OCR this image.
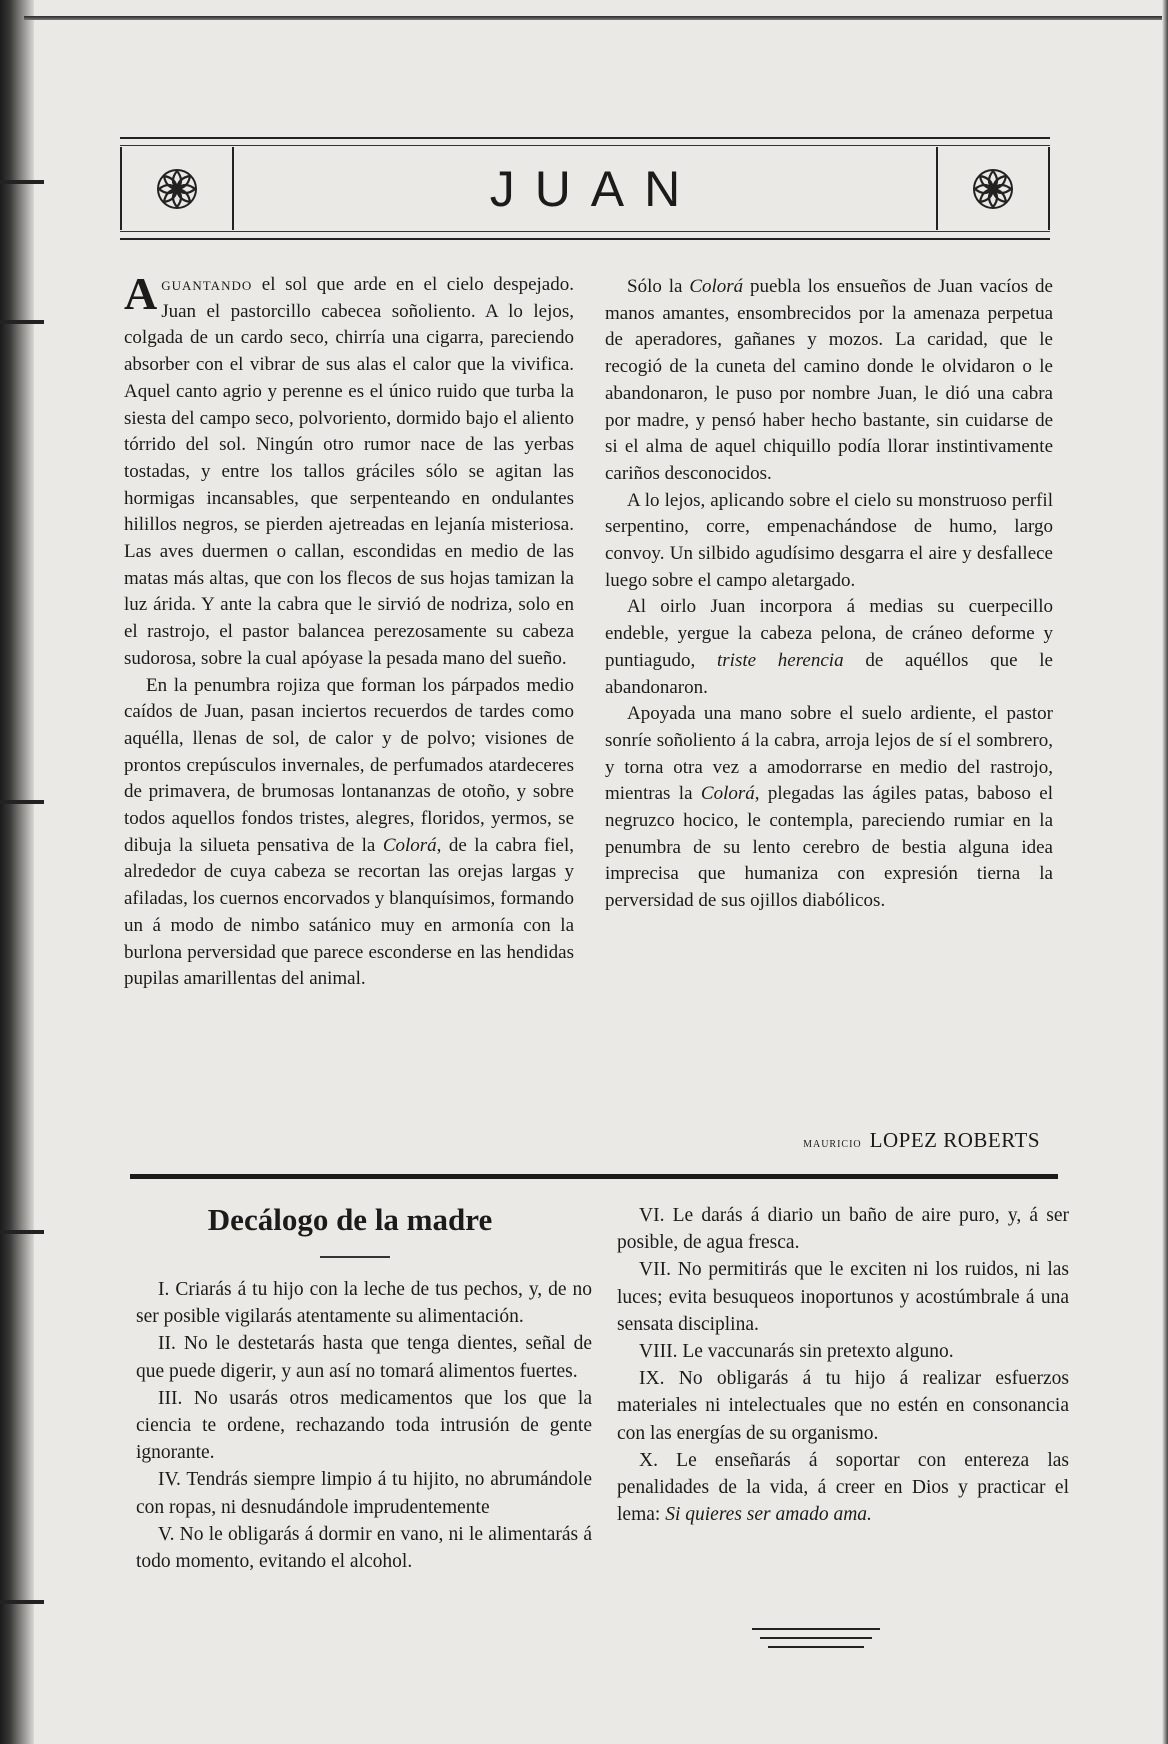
JUAN

Aguantando el sol que arde en el cielo despejado. Juan el pastorcillo cabecea soñoliento. A lo lejos, colgada de un cardo seco, chirría una cigarra, pareciendo absorber con el vibrar de sus alas el calor que la vivifica. Aquel canto agrio y perenne es el único ruido que turba la siesta del campo seco, polvoriento, dormido bajo el aliento tórrido del sol. Ningún otro rumor nace de las yerbas tostadas, y entre los tallos gráciles sólo se agitan las hormigas incansables, que serpenteando en ondulantes hilillos negros, se pierden ajetreadas en lejanía misteriosa. Las aves duermen o callan, escondidas en medio de las matas más altas, que con los flecos de sus hojas tamizan la luz árida. Y ante la cabra que le sirvió de nodriza, solo en el rastrojo, el pastor balancea perezosamente su cabeza sudorosa, sobre la cual apóyase la pesada mano del sueño.

En la penumbra rojiza que forman los párpados medio caídos de Juan, pasan inciertos recuerdos de tardes como aquélla, llenas de sol, de calor y de polvo; visiones de prontos crepúsculos invernales, de perfumados atardeceres de primavera, de brumosas lontananzas de otoño, y sobre todos aquellos fondos tristes, alegres, floridos, yermos, se dibuja la silueta pensativa de la Colorá, de la cabra fiel, alrededor de cuya cabeza se recortan las orejas largas y afiladas, los cuernos encorvados y blanquísimos, formando un á modo de nimbo satánico muy en armonía con la burlona perversidad que parece esconderse en las hendidas pupilas amarillentas del animal.

Sólo la Colorá puebla los ensueños de Juan vacíos de manos amantes, ensombrecidos por la amenaza perpetua de aperadores, gañanes y mozos. La caridad, que le recogió de la cuneta del camino donde le olvidaron o le abandonaron, le puso por nombre Juan, le dió una cabra por madre, y pensó haber hecho bastante, sin cuidarse de si el alma de aquel chiquillo podía llorar instintivamente cariños desconocidos.

A lo lejos, aplicando sobre el cielo su monstruoso perfil serpentino, corre, empenachándose de humo, largo convoy. Un silbido agudísimo desgarra el aire y desfallece luego sobre el campo aletargado.

Al oirlo Juan incorpora á medias su cuerpecillo endeble, yergue la cabeza pelona, de cráneo deforme y puntiagudo, triste herencia de aquéllos que le abandonaron.

Apoyada una mano sobre el suelo ardiente, el pastor sonríe soñoliento á la cabra, arroja lejos de sí el sombrero, y torna otra vez a amodorrarse en medio del rastrojo, mientras la Colorá, plegadas las ágiles patas, baboso el negruzco hocico, le contempla, pareciendo rumiar en la penumbra de su lento cerebro de bestia alguna idea imprecisa que humaniza con expresión tierna la perversidad de sus ojillos diabólicos.

mauricio LOPEZ ROBERTS
Decálogo de la madre

I. Criarás á tu hijo con la leche de tus pechos, y, de no ser posible vigilarás atentamente su alimentación.

II. No le destetarás hasta que tenga dientes, señal de que puede digerir, y aun así no tomará alimentos fuertes.

III. No usarás otros medicamentos que los que la ciencia te ordene, rechazando toda intrusión de gente ignorante.

IV. Tendrás siempre limpio á tu hijito, no abrumándole con ropas, ni desnudándole imprudentemente

V. No le obligarás á dormir en vano, ni le alimentarás á todo momento, evitando el alcohol.

VI. Le darás á diario un baño de aire puro, y, á ser posible, de agua fresca.

VII. No permitirás que le exciten ni los ruidos, ni las luces; evita besuqueos inoportunos y acostúmbrale á una sensata disciplina.

VIII. Le vaccunarás sin pretexto alguno.

IX. No obligarás á tu hijo á realizar esfuerzos materiales ni intelectuales que no estén en consonancia con las energías de su organismo.

X. Le enseñarás á soportar con entereza las penalidades de la vida, á creer en Dios y practicar el lema: Si quieres ser amado ama.
